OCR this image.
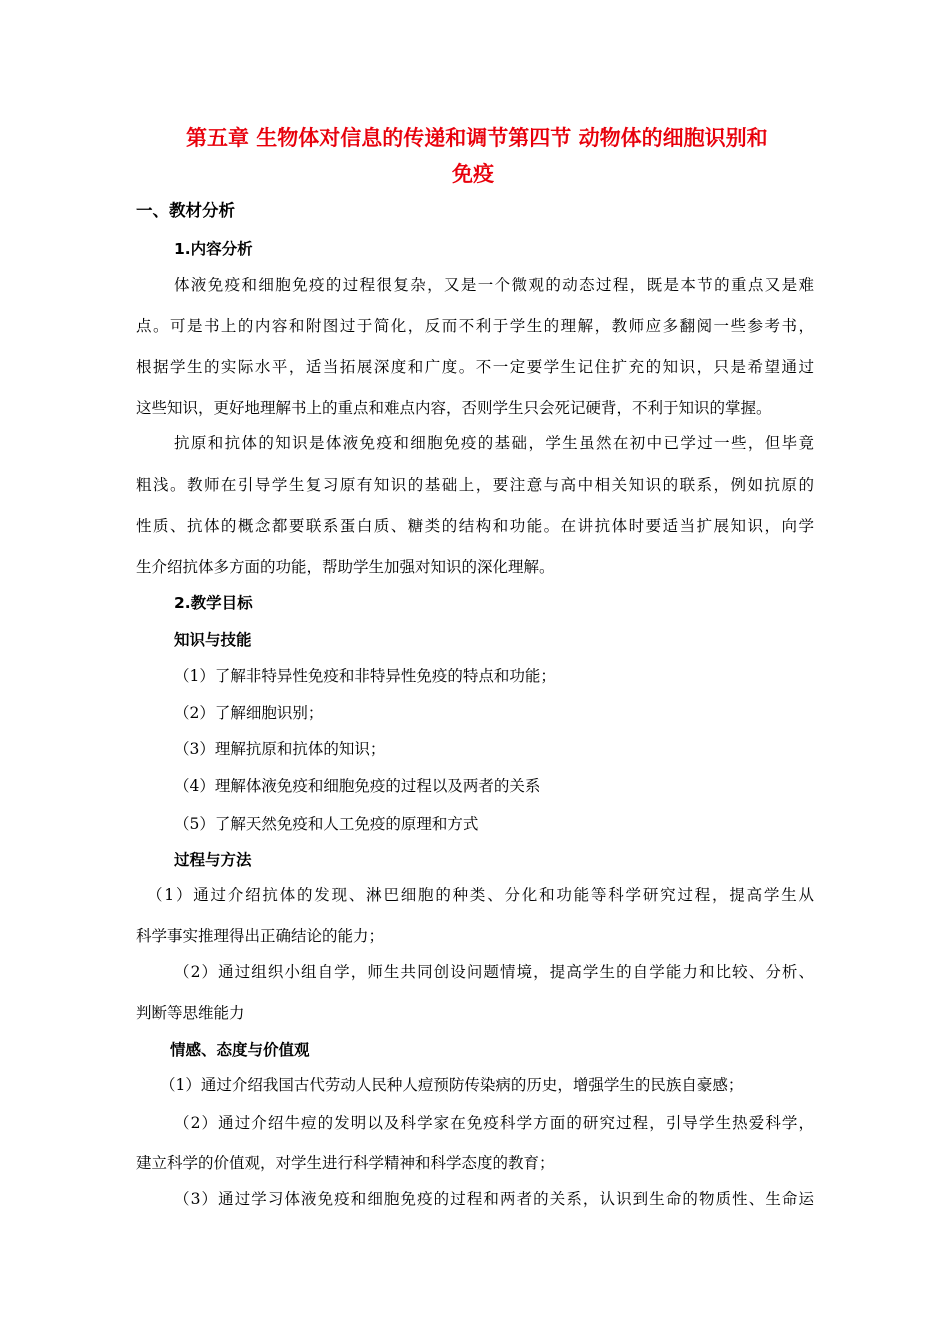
第五章 生物体对信息的传递和调节第四节 动物体的细胞识别和
免疫
一、教材分析
1.内容分析
体液免疫和细胞免疫的过程很复杂，又是一个微观的动态过程，既是本节的重点又是难
点。可是书上的内容和附图过于简化，反而不利于学生的理解，教师应多翻阅一些参考书，
根据学生的实际水平，适当拓展深度和广度。不一定要学生记住扩充的知识，只是希望通过
这些知识，更好地理解书上的重点和难点内容，否则学生只会死记硬背，不利于知识的掌握。
抗原和抗体的知识是体液免疫和细胞免疫的基础，学生虽然在初中已学过一些，但毕竟
粗浅。教师在引导学生复习原有知识的基础上，要注意与高中相关知识的联系，例如抗原的
性质、抗体的概念都要联系蛋白质、糖类的结构和功能。在讲抗体时要适当扩展知识，向学
生介绍抗体多方面的功能，帮助学生加强对知识的深化理解。
2.教学目标
知识与技能
（1）了解非特异性免疫和非特异性免疫的特点和功能；
（2）了解细胞识别；
（3）理解抗原和抗体的知识；
（4）理解体液免疫和细胞免疫的过程以及两者的关系
（5）了解天然免疫和人工免疫的原理和方式
过程与方法
（1）通过介绍抗体的发现、淋巴细胞的种类、分化和功能等科学研究过程，提高学生从
科学事实推理得出正确结论的能力；
（2）通过组织小组自学，师生共同创设问题情境，提高学生的自学能力和比较、分析、
判断等思维能力
情感、态度与价值观
（1）通过介绍我国古代劳动人民种人痘预防传染病的历史，增强学生的民族自豪感；
（2）通过介绍牛痘的发明以及科学家在免疫科学方面的研究过程，引导学生热爱科学，
建立科学的价值观，对学生进行科学精神和科学态度的教育；
（3）通过学习体液免疫和细胞免疫的过程和两者的关系，认识到生命的物质性、生命运
